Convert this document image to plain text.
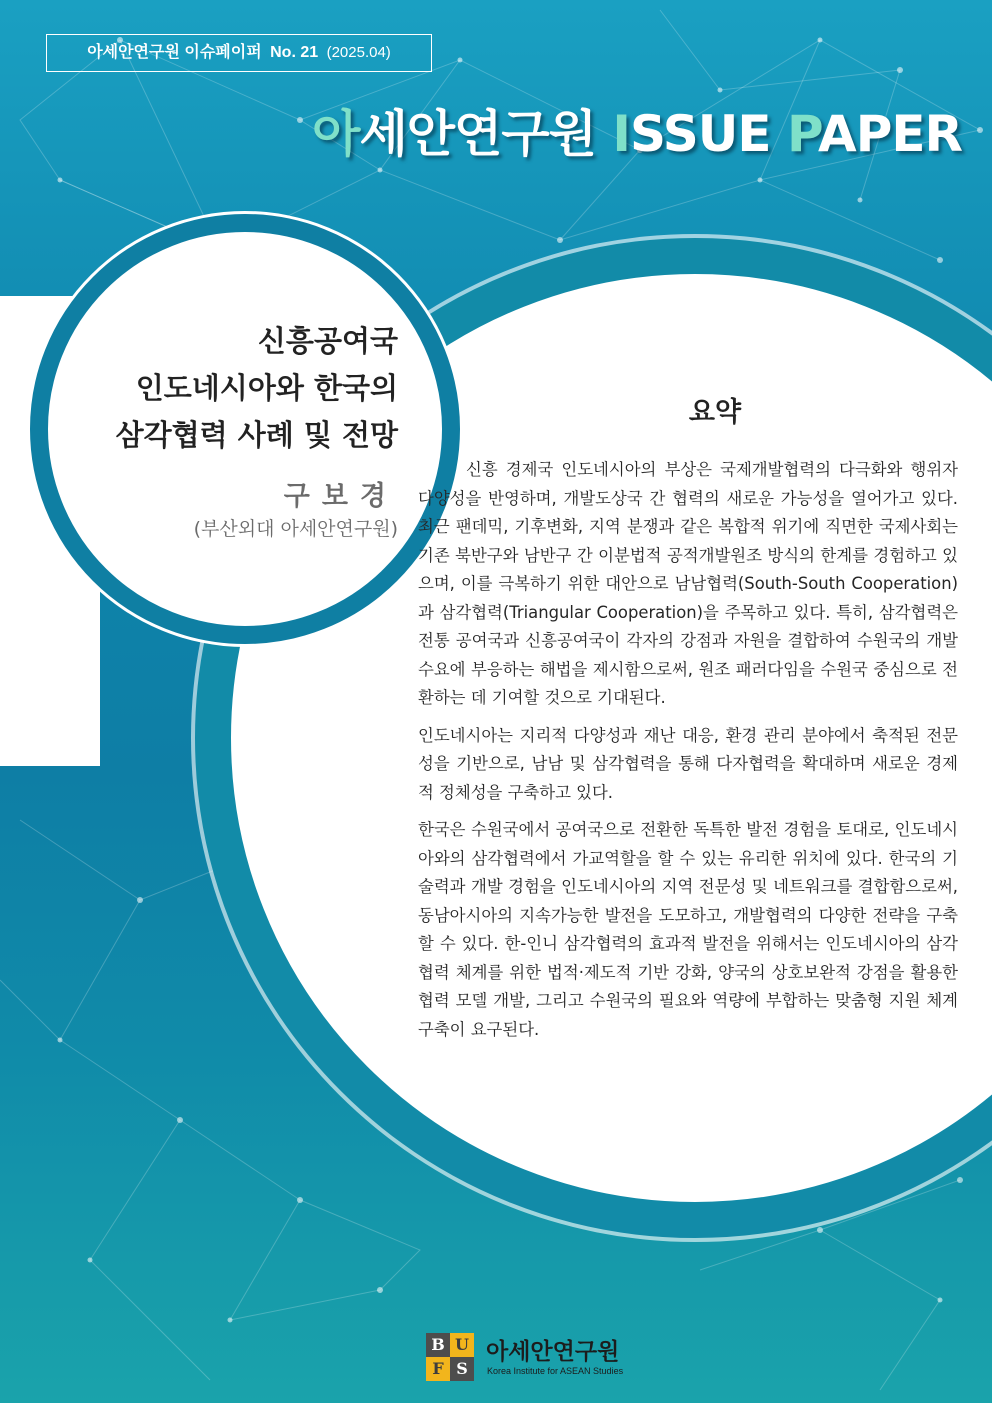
아세안연구원 이슈페이퍼 No. 21 (2025.04)
아세안연구원 ISSUE PAPER
신흥공여국
인도네시아와 한국의
삼각협력 사례 및 전망
구보경
(부산외대 아세안연구원)
요약

신흥 경제국 인도네시아의 부상은 국제개발협력의 다극화와 행위자 다양성을 반영하며, 개발도상국 간 협력의 새로운 가능성을 열어가고 있다. 최근 팬데믹, 기후변화, 지역 분쟁과 같은 복합적 위기에 직면한 국제사회는 기존 북반구와 남반구 간 이분법적 공적개발원조 방식의 한계를 경험하고 있으며, 이를 극복하기 위한 대안으로 남남협력(South-South Cooperation)과 삼각협력(Triangular Cooperation)을 주목하고 있다. 특히, 삼각협력은 전통 공여국과 신흥공여국이 각자의 강점과 자원을 결합하여 수원국의 개발 수요에 부응하는 해법을 제시함으로써, 원조 패러다임을 수원국 중심으로 전환하는 데 기여할 것으로 기대된다.

인도네시아는 지리적 다양성과 재난 대응, 환경 관리 분야에서 축적된 전문성을 기반으로, 남남 및 삼각협력을 통해 다자협력을 확대하며 새로운 경제적 정체성을 구축하고 있다.

한국은 수원국에서 공여국으로 전환한 독특한 발전 경험을 토대로, 인도네시아와의 삼각협력에서 가교역할을 할 수 있는 유리한 위치에 있다. 한국의 기술력과 개발 경험을 인도네시아의 지역 전문성 및 네트워크를 결합함으로써, 동남아시아의 지속가능한 발전을 도모하고, 개발협력의 다양한 전략을 구축할 수 있다. 한-인니 삼각협력의 효과적 발전을 위해서는 인도네시아의 삼각협력 체계를 위한 법적·제도적 기반 강화, 양국의 상호보완적 강점을 활용한 협력 모델 개발, 그리고 수원국의 필요와 역량에 부합하는 맞춤형 지원 체계 구축이 요구된다.

B U
F S
아세안연구원
Korea Institute for ASEAN Studies
